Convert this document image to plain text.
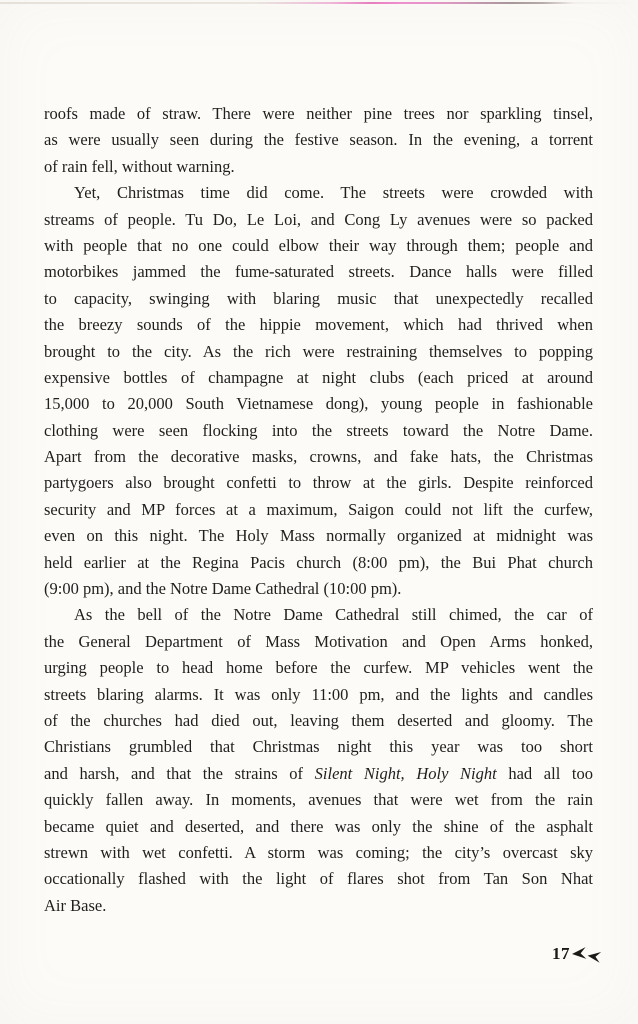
roofs made of straw. There were neither pine trees nor sparkling tinsel,
as were usually seen during the festive season. In the evening, a torrent
of rain fell, without warning.
Yet, Christmas time did come. The streets were crowded with
streams of people. Tu Do, Le Loi, and Cong Ly avenues were so packed
with people that no one could elbow their way through them; people and
motorbikes jammed the fume-saturated streets. Dance halls were filled
to capacity, swinging with blaring music that unexpectedly recalled
the breezy sounds of the hippie movement, which had thrived when
brought to the city. As the rich were restraining themselves to popping
expensive bottles of champagne at night clubs (each priced at around
15,000 to 20,000 South Vietnamese dong), young people in fashionable
clothing were seen flocking into the streets toward the Notre Dame.
Apart from the decorative masks, crowns, and fake hats, the Christmas
partygoers also brought confetti to throw at the girls. Despite reinforced
security and MP forces at a maximum, Saigon could not lift the curfew,
even on this night. The Holy Mass normally organized at midnight was
held earlier at the Regina Pacis church (8:00 pm), the Bui Phat church
(9:00 pm), and the Notre Dame Cathedral (10:00 pm).
As the bell of the Notre Dame Cathedral still chimed, the car of
the General Department of Mass Motivation and Open Arms honked,
urging people to head home before the curfew. MP vehicles went the
streets blaring alarms. It was only 11:00 pm, and the lights and candles
of the churches had died out, leaving them deserted and gloomy. The
Christians grumbled that Christmas night this year was too short
and harsh, and that the strains of Silent Night, Holy Night had all too
quickly fallen away. In moments, avenues that were wet from the rain
became quiet and deserted, and there was only the shine of the asphalt
strewn with wet confetti. A storm was coming; the city’s overcast sky
occationally flashed with the light of flares shot from Tan Son Nhat
Air Base.
17
